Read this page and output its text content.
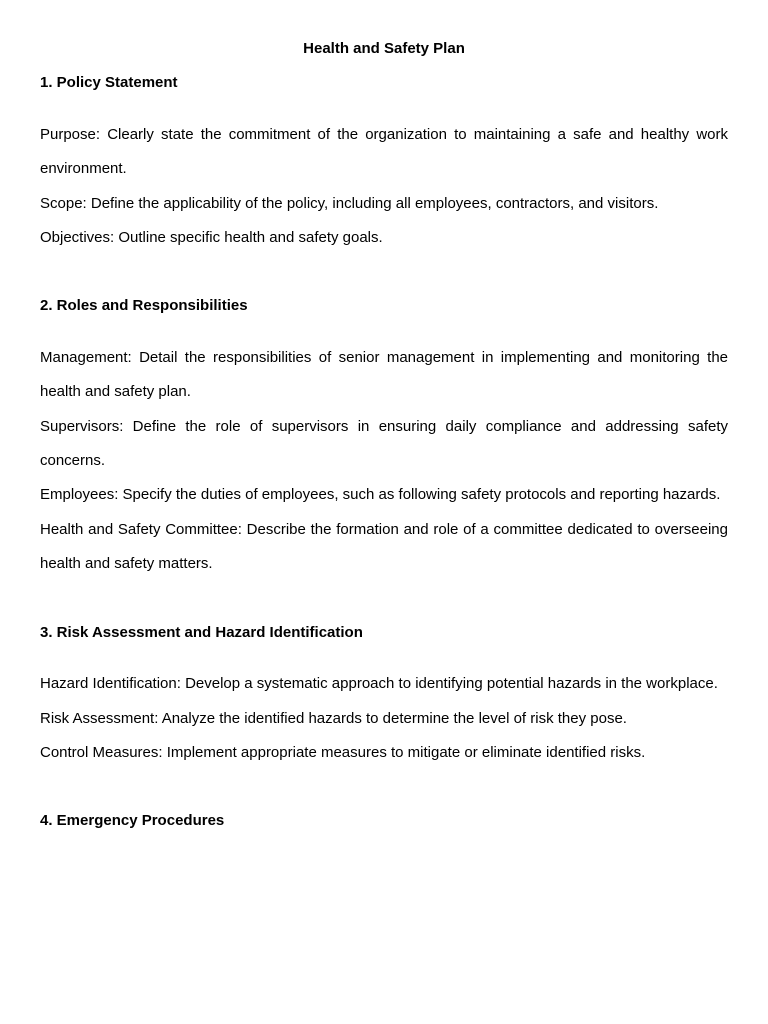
Health and Safety Plan

1. Policy Statement

Purpose: Clearly state the commitment of the organization to maintaining a safe and healthy work environment.

Scope: Define the applicability of the policy, including all employees, contractors, and visitors.

Objectives: Outline specific health and safety goals.

2. Roles and Responsibilities

Management: Detail the responsibilities of senior management in implementing and monitoring the health and safety plan.

Supervisors: Define the role of supervisors in ensuring daily compliance and addressing safety concerns.

Employees: Specify the duties of employees, such as following safety protocols and reporting hazards.

Health and Safety Committee: Describe the formation and role of a committee dedicated to overseeing health and safety matters.

3. Risk Assessment and Hazard Identification

Hazard Identification: Develop a systematic approach to identifying potential hazards in the workplace.

Risk Assessment: Analyze the identified hazards to determine the level of risk they pose.

Control Measures: Implement appropriate measures to mitigate or eliminate identified risks.

4. Emergency Procedures
